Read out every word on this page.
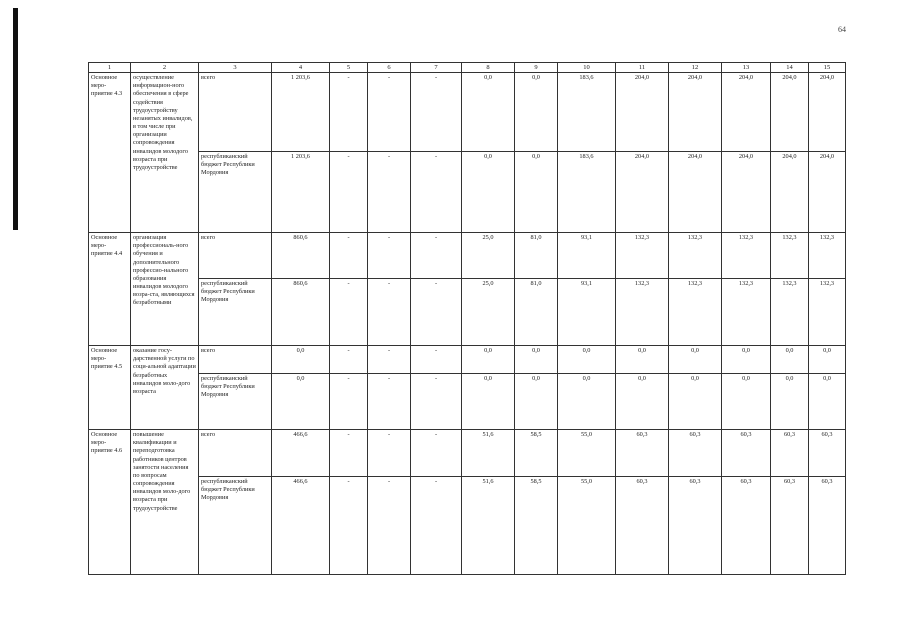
64
1	2	3	4	5	6	7	8	9	10	11	12	13	14	15
Основное меро- приятие 4.3	осуществление информацион-ного обеспечения в сфере содействия трудоустройству незанятых инвалидов, в том числе при организации сопровождения инвалидов молодого возраста при трудоустройстве	всего	1 203,6	-	-	-	0,0	0,0	183,6	204,0	204,0	204,0	204,0	204,0
		республиканский бюджет Республики Мордовия	1 203,6	-	-	-	0,0	0,0	183,6	204,0	204,0	204,0	204,0	204,0
Основное меро- приятие 4.4	организация профессиональ-ного обучения и дополнительного профессио-нального образования инвалидов молодого возра-ста, являющихся безработными	всего	860,6	-	-	-	25,0	81,0	93,1	132,3	132,3	132,3	132,3	132,3
		республиканский бюджет Республики Мордовия	860,6	-	-	-	25,0	81,0	93,1	132,3	132,3	132,3	132,3	132,3
Основное меро- приятие 4.5	оказание госу-дарственной услуги по соци-альной адаптации безработных инвалидов моло-дого возраста	всего	0,0	-	-	-	0,0	0,0	0,0	0,0	0,0	0,0	0,0	0,0
		республиканский бюджет Республики Мордовия	0,0	-	-	-	0,0	0,0	0,0	0,0	0,0	0,0	0,0	0,0
Основное меро- приятие 4.6	повышение квалификации и переподготовка работников центров занятости населения по вопросам сопровождения инвалидов моло-дого возраста при трудоустройстве	всего	466,6	-	-	-	51,6	58,5	55,0	60,3	60,3	60,3	60,3	60,3
		республиканский бюджет Республики Мордовия	466,6	-	-	-	51,6	58,5	55,0	60,3	60,3	60,3	60,3	60,3
